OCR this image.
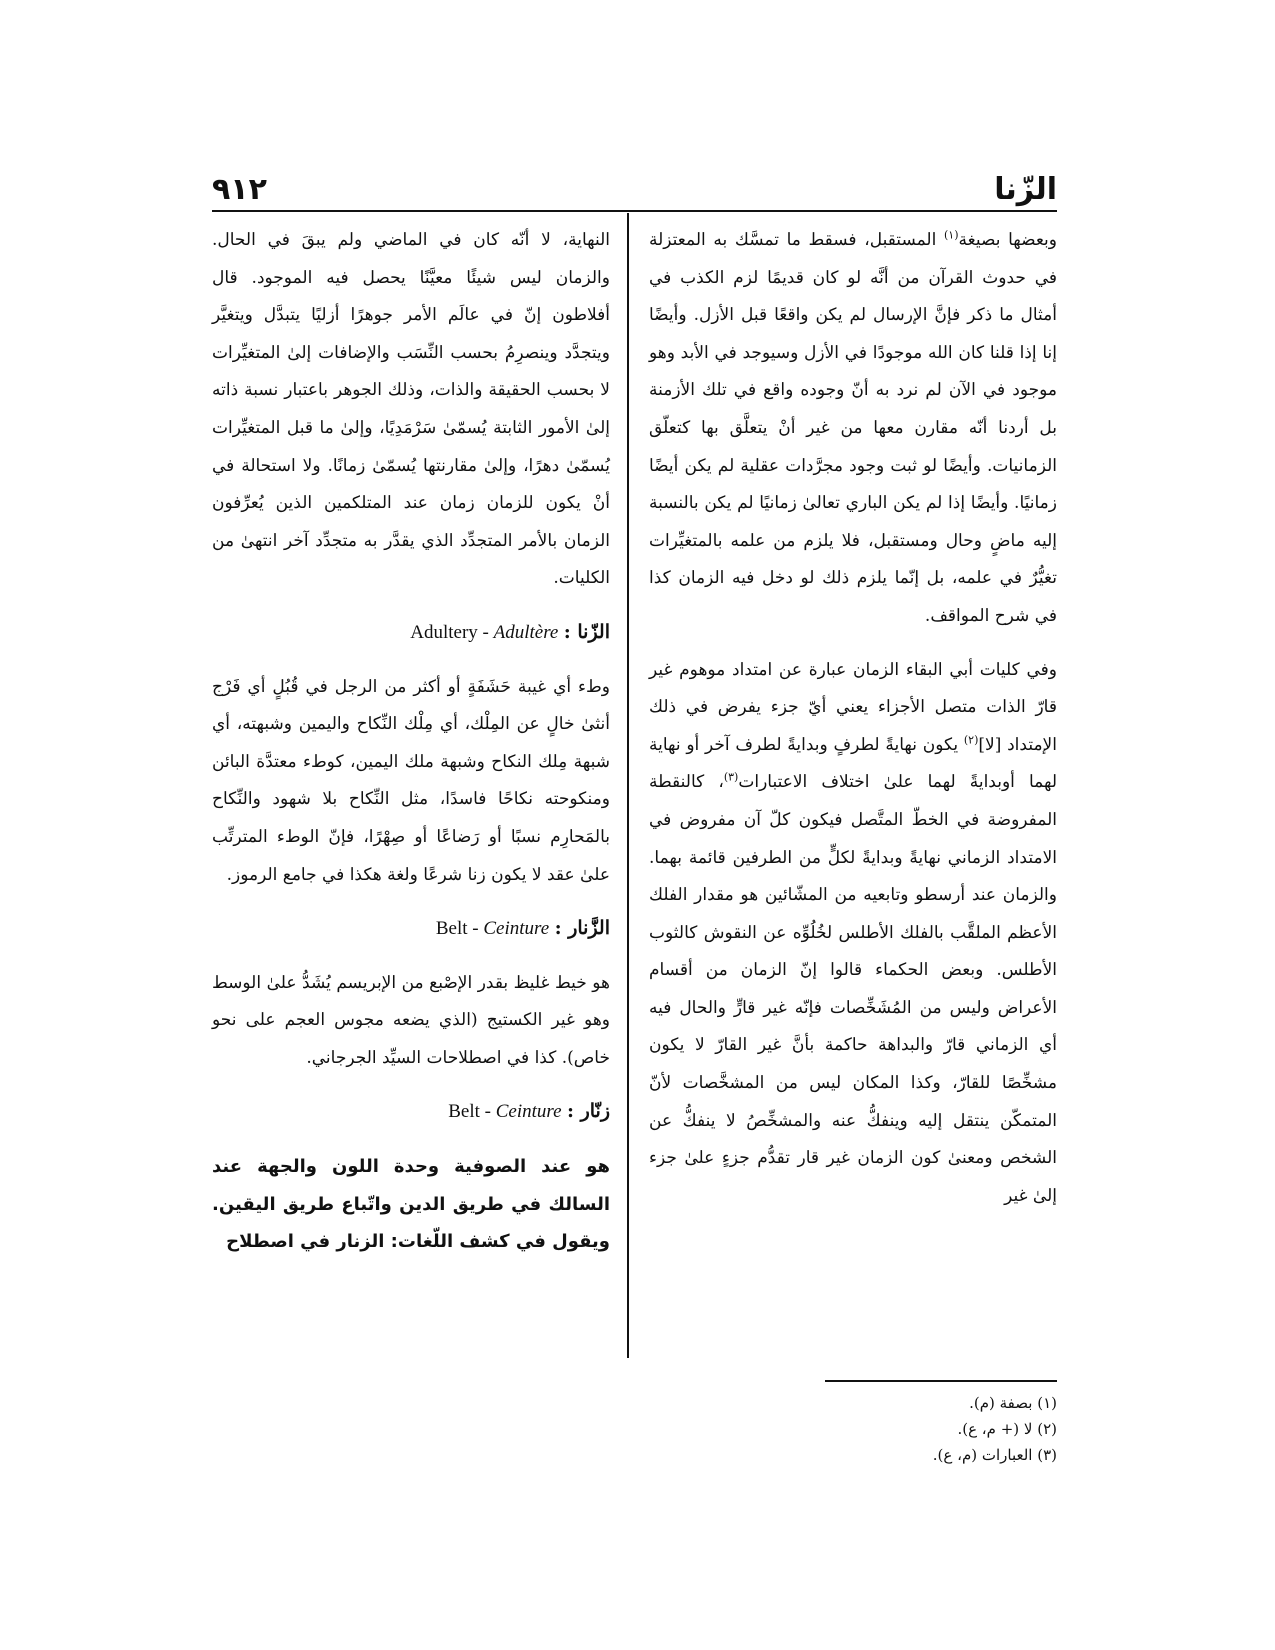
الزّنا
٩١٢

وبعضها بصيغة$^{(١)}$ المستقبل، فسقط ما تمسَّك به المعتزلة في حدوث القرآن من أنَّه لو كان قديمًا لزم الكذب في أمثال ما ذكر فإنَّ الإرسال لم يكن واقعًا قبل الأزل. وأيضًا إنا إذا قلنا كان الله موجودًا في الأزل وسيوجد في الأبد وهو موجود في الآن لم نرد به أنّ وجوده واقع في تلك الأزمنة بل أردنا أنّه مقارن معها من غير أنْ يتعلَّق بها كتعلّق الزمانيات. وأيضًا لو ثبت وجود مجرَّدات عقلية لم يكن أيضًا زمانيًا. وأيضًا إذا لم يكن الباري تعالىٰ زمانيًا لم يكن بالنسبة إليه ماضٍ وحال ومستقبل، فلا يلزم من علمه بالمتغيِّرات تغيُّرٌ في علمه، بل إنّما يلزم ذلك لو دخل فيه الزمان كذا في شرح المواقف.

وفي كليات أبي البقاء الزمان عبارة عن امتداد موهوم غير قارّ الذات متصل الأجزاء يعني أيّ جزء يفرض في ذلك الإمتداد [لا]$^{(٢)}$ يكون نهايةً لطرفٍ وبدايةً لطرف آخر أو نهاية لهما أوبدايةً لهما علىٰ اختلاف الاعتبارات$^{(٣)}$، كالنقطة المفروضة في الخطّ المتَّصل فيكون كلّ آن مفروض في الامتداد الزماني نهايةً وبدايةً لكلٍّ من الطرفين قائمة بهما. والزمان عند أرسطو وتابعيه من المشّائين هو مقدار الفلك الأعظم الملقَّب بالفلك الأطلس لخُلُوِّه عن النقوش كالثوب الأطلس. وبعض الحكماء قالوا إنّ الزمان من أقسام الأعراض وليس من المُشَخِّصات فإنّه غير قارٍّ والحال فيه أي الزماني قارّ والبداهة حاكمة بأنَّ غير القارّ لا يكون مشخِّصًا للقارّ، وكذا المكان ليس من المشخَّصات لأنّ المتمكّن ينتقل إليه وينفكُّ عنه والمشخِّصُ لا ينفكُّ عن الشخص ومعنىٰ كون الزمان غير قار تقدُّم جزءٍ علىٰ جزء إلىٰ غير

النهاية، لا أنّه كان في الماضي ولم يبقَ في الحال. والزمان ليس شيئًا معيَّنًا يحصل فيه الموجود. قال أفلاطون إنّ في عالَم الأمر جوهرًا أزليًا يتبدَّل ويتغيَّر ويتجدَّد وينصرِمُ بحسب النِّسَب والإضافات إلىٰ المتغيِّرات لا بحسب الحقيقة والذات، وذلك الجوهر باعتبار نسبة ذاته إلىٰ الأمور الثابتة يُسمّىٰ سَرْمَدِيًا، وإلىٰ ما قبل المتغيِّرات يُسمّىٰ دهرًا، وإلىٰ مقارنتها يُسمّىٰ زمانًا. ولا استحالة في أنْ يكون للزمان زمان عند المتلكمين الذين يُعرِّفون الزمان بالأمر المتجدِّد الذي يقدَّر به متجدِّد آخر انتهىٰ من الكليات.

الزّنا : Adultery - Adultère

وطء أي غيبة حَشَفَةٍ أو أكثر من الرجل في قُبُلٍ أي فَرْج أنثىٰ خالٍ عن المِلْك، أي مِلْك النِّكاح واليمين وشبهته، أي شبهة مِلك النكاح وشبهة ملك اليمين، كوطء معتدَّة البائن ومنكوحته نكاحًا فاسدًا، مثل النِّكاح بلا شهود والنِّكاح بالمَحارِم نسبًا أو رَضاعًا أو صِهْرًا، فإنّ الوطء المترتِّب علىٰ عقد لا يكون زنا شرعًا ولغة هكذا في جامع الرموز.

الزَّنار : Belt - Ceinture

هو خيط غليظ بقدر الإصْبع من الإبريسم يُشَدُّ علىٰ الوسط وهو غير الكستيج (الذي يضعه مجوس العجم على نحو خاص). كذا في اصطلاحات السيِّد الجرجاني.

زنّار : Belt - Ceinture

هو عند الصوفية وحدة اللون والجهة عند السالك في طريق الدين واتّباع طريق اليقين. ويقول في كشف اللّغات: الزنار في اصطلاح

(١) بصفة (م).
(٢) لا (+ م، ع).
(٣) العبارات (م، ع).
